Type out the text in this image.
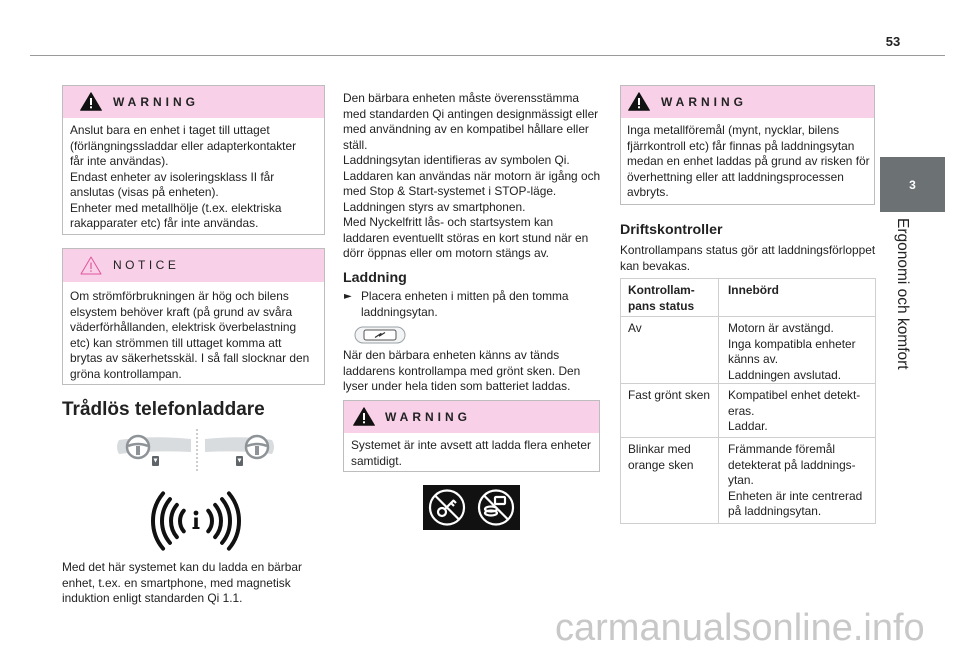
53
3
Ergonomi och komfort
WARNING
Anslut bara en enhet i taget till uttaget
(förlängningssladdar eller adapterkontakter
får inte användas).
Endast enheter av isoleringsklass II får
anslutas (visas på enheten).
Enheter med metallhölje (t.ex. elektriska
rakapparater etc) får inte användas.
NOTICE
Om strömförbrukningen är hög och bilens
elsystem behöver kraft (på grund av svåra
väderförhållanden, elektrisk överbelastning
etc) kan strömmen till uttaget komma att
brytas av säkerhetsskäl. I så fall slocknar den
gröna kontrollampan.
Trådlös telefonladdare
Med det här systemet kan du ladda en bärbar
enhet, t.ex. en smartphone, med magnetisk
induktion enligt standarden Qi 1.1.
Den bärbara enheten måste överensstämma
med standarden Qi antingen designmässigt eller
med användning av en kompatibel hållare eller
ställ.
Laddningsytan identifieras av symbolen Qi.
Laddaren kan användas när motorn är igång och
med Stop & Start-systemet i STOP-läge.
Laddningen styrs av smartphonen.
Med Nyckelfritt lås- och startsystem kan
laddaren eventuellt störas en kort stund när en
dörr öppnas eller om motorn stängs av.
Laddning
► Placera enheten i mitten på den tomma
laddningsytan.
När den bärbara enheten känns av tänds
laddarens kontrollampa med grönt sken. Den
lyser under hela tiden som batteriet laddas.
WARNING
Systemet är inte avsett att ladda flera enheter
samtidigt.
WARNING
Inga metallföremål (mynt, nycklar, bilens
fjärrkontroll etc) får finnas på laddningsytan
medan en enhet laddas på grund av risken för
överhettning eller att laddningsprocessen
avbryts.
Driftskontroller
Kontrollampans status gör att laddningsförloppet
kan bevakas.
Kontrollam-
pans status	Innebörd
Av	Motorn är avstängd.
Inga kompatibla enheter
känns av.
Laddningen avslutad.
Fast grönt sken	Kompatibel enhet detekt-
eras.
Laddar.
Blinkar med
orange sken	Främmande föremål
detekterat på laddnings-
ytan.
Enheten är inte centrerad
på laddningsytan.
carmanualsonline.info
